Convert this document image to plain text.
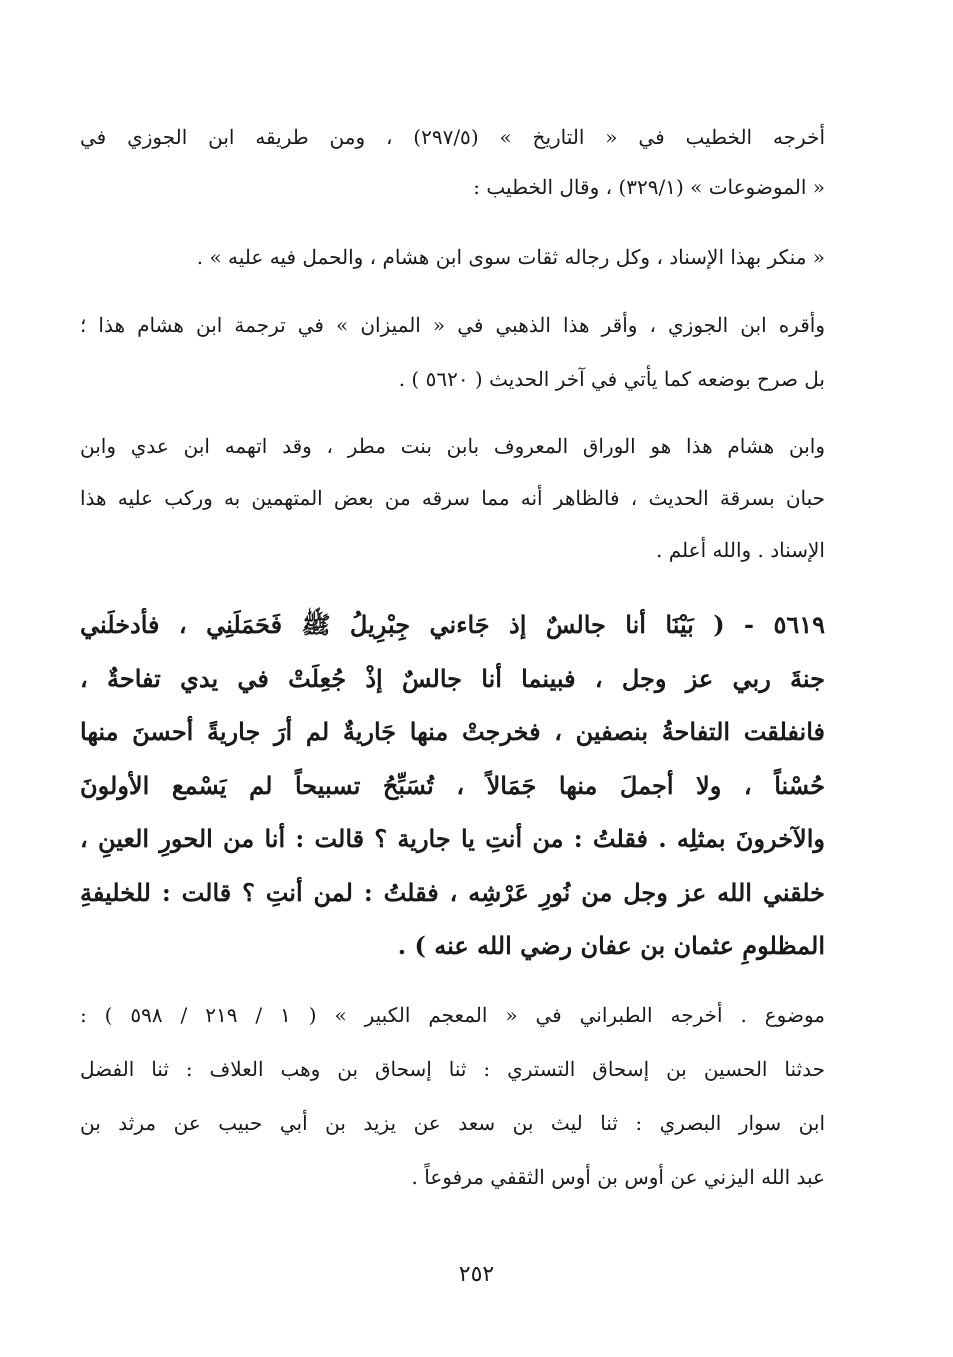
أخرجه الخطيب في « التاريخ » (٢٩٧/٥) ، ومن طريقه ابن الجوزي في
« الموضوعات » (٣٢٩/١) ، وقال الخطيب :

« منكر بهذا الإسناد ، وكل رجاله ثقات سوى ابن هشام ، والحمل فيه عليه » .

وأقره ابن الجوزي ، وأقر هذا الذهبي في « الميزان » في ترجمة ابن هشام هذا ؛
بل صرح بوضعه كما يأتي في آخر الحديث ( ٥٦٢٠ ) .

وابن هشام هذا هو الوراق المعروف بابن بنت مطر ، وقد اتهمه ابن عدي وابن
حبان بسرقة الحديث ، فالظاهر أنه مما سرقه من بعض المتهمين به وركب عليه هذا
الإسناد . والله أعلم .

٥٦١٩ - ( بَيْنَا أنا جالسٌ إذ جَاءني جِبْرِيلُ ﷺ فَحَمَلَنِي ، فأدخلَني
جنةَ ربي عز وجل ، فبينما أنا جالسٌ إذْ جُعِلَتْ في يدي تفاحةٌ ،
فانفلقت التفاحةُ بنصفين ، فخرجتْ منها جَاريةٌ لم أرَ جاريةً أحسنَ منها
حُسْناً ، ولا أجملَ منها جَمَالاً ، تُسَبِّحُ تسبيحاً لم يَسْمع الأولونَ
والآخرونَ بمثلِه . فقلتُ : من أنتِ يا جارية ؟ قالت : أنا من الحورِ العينِ ،
خلقني الله عز وجل من نُورِ عَرْشِه ، فقلتُ : لمن أنتِ ؟ قالت : للخليفةِ
المظلومِ عثمان بن عفان رضي الله عنه ) .

موضوع . أخرجه الطبراني في « المعجم الكبير » ( ١ / ٢١٩ / ٥٩٨ ) :
حدثنا الحسين بن إسحاق التستري : ثنا إسحاق بن وهب العلاف : ثنا الفضل
ابن سوار البصري : ثنا ليث بن سعد عن يزيد بن أبي حبيب عن مرثد بن
عبد الله اليزني عن أوس بن أوس الثقفي مرفوعاً .

٢٥٢
